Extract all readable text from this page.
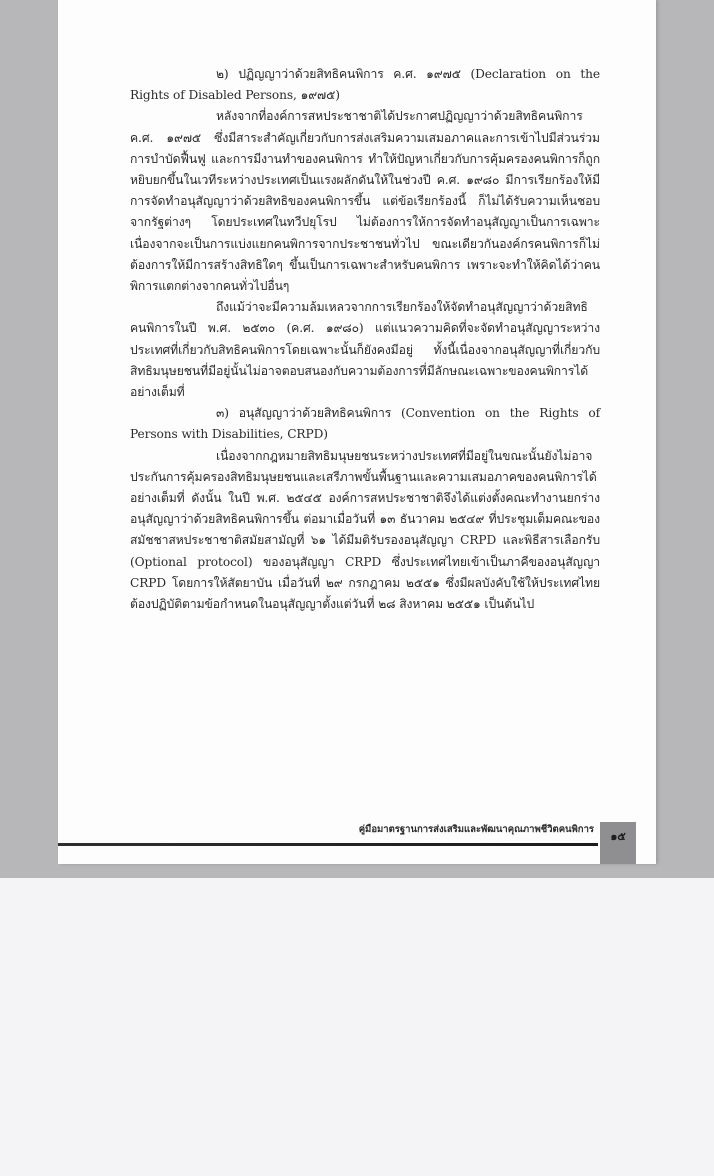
๒) ปฏิญญาว่าด้วยสิทธิคนพิการ ค.ศ. ๑๙๗๕ (Declaration on the Rights of Disabled Persons, ๑๙๗๕)

หลังจากที่องค์การสหประชาชาติได้ประกาศปฏิญญาว่าด้วยสิทธิคนพิการ ค.ศ. ๑๙๗๕ ซึ่งมีสาระสำคัญเกี่ยวกับการส่งเสริมความเสมอภาคและการเข้าไปมีส่วนร่วม การบำบัดฟื้นฟู และการมีงานทำของคนพิการ ทำให้ปัญหาเกี่ยวกับการคุ้มครองคนพิการก็ถูกหยิบยกขึ้นในเวทีระหว่างประเทศเป็นแรงผลักดันให้ในช่วงปี ค.ศ. ๑๙๘๐ มีการเรียกร้องให้มีการจัดทำอนุสัญญาว่าด้วยสิทธิของคนพิการขึ้น แต่ข้อเรียกร้องนี้ ก็ไม่ได้รับความเห็นชอบจากรัฐต่างๆ โดยประเทศในทวีปยุโรป ไม่ต้องการให้การจัดทำอนุสัญญาเป็นการเฉพาะ เนื่องจากจะเป็นการแบ่งแยกคนพิการจากประชาชนทั่วไป ขณะเดียวกันองค์กรคนพิการก็ไม่ต้องการให้มีการสร้างสิทธิใดๆ ขึ้นเป็นการเฉพาะสำหรับคนพิการ เพราะจะทำให้คิดได้ว่าคนพิการแตกต่างจากคนทั่วไปอื่นๆ

ถึงแม้ว่าจะมีความล้มเหลวจากการเรียกร้องให้จัดทำอนุสัญญาว่าด้วยสิทธิคนพิการในปี พ.ศ. ๒๕๓๐ (ค.ศ. ๑๙๘๐) แต่แนวความคิดที่จะจัดทำอนุสัญญาระหว่างประเทศที่เกี่ยวกับสิทธิคนพิการโดยเฉพาะนั้นก็ยังคงมีอยู่ ทั้งนี้เนื่องจากอนุสัญญาที่เกี่ยวกับสิทธิมนุษยชนที่มีอยู่นั้นไม่อาจตอบสนองกับความต้องการที่มีลักษณะเฉพาะของคนพิการได้อย่างเต็มที่

๓) อนุสัญญาว่าด้วยสิทธิคนพิการ (Convention on the Rights of Persons with Disabilities, CRPD)

เนื่องจากกฎหมายสิทธิมนุษยชนระหว่างประเทศที่มีอยู่ในขณะนั้นยังไม่อาจประกันการคุ้มครองสิทธิมนุษยชนและเสรีภาพขั้นพื้นฐานและความเสมอภาคของคนพิการได้อย่างเต็มที่ ดังนั้น ในปี พ.ศ. ๒๕๔๕ องค์การสหประชาชาติจึงได้แต่งตั้งคณะทำงานยกร่างอนุสัญญาว่าด้วยสิทธิคนพิการขึ้น ต่อมาเมื่อวันที่ ๑๓ ธันวาคม ๒๕๔๙ ที่ประชุมเต็มคณะของสมัชชาสหประชาชาติสมัยสามัญที่ ๖๑ ได้มีมติรับรองอนุสัญญา CRPD และพิธีสารเลือกรับ (Optional protocol) ของอนุสัญญา CRPD ซึ่งประเทศไทยเข้าเป็นภาคีของอนุสัญญา CRPD โดยการให้สัตยาบัน เมื่อวันที่ ๒๙ กรกฎาคม ๒๕๕๑ ซึ่งมีผลบังคับใช้ให้ประเทศไทยต้องปฏิบัติตามข้อกำหนดในอนุสัญญาตั้งแต่วันที่ ๒๘ สิงหาคม ๒๕๕๑ เป็นต้นไป

คู่มือมาตรฐานการส่งเสริมและพัฒนาคุณภาพชีวิตคนพิการ
๑๕
